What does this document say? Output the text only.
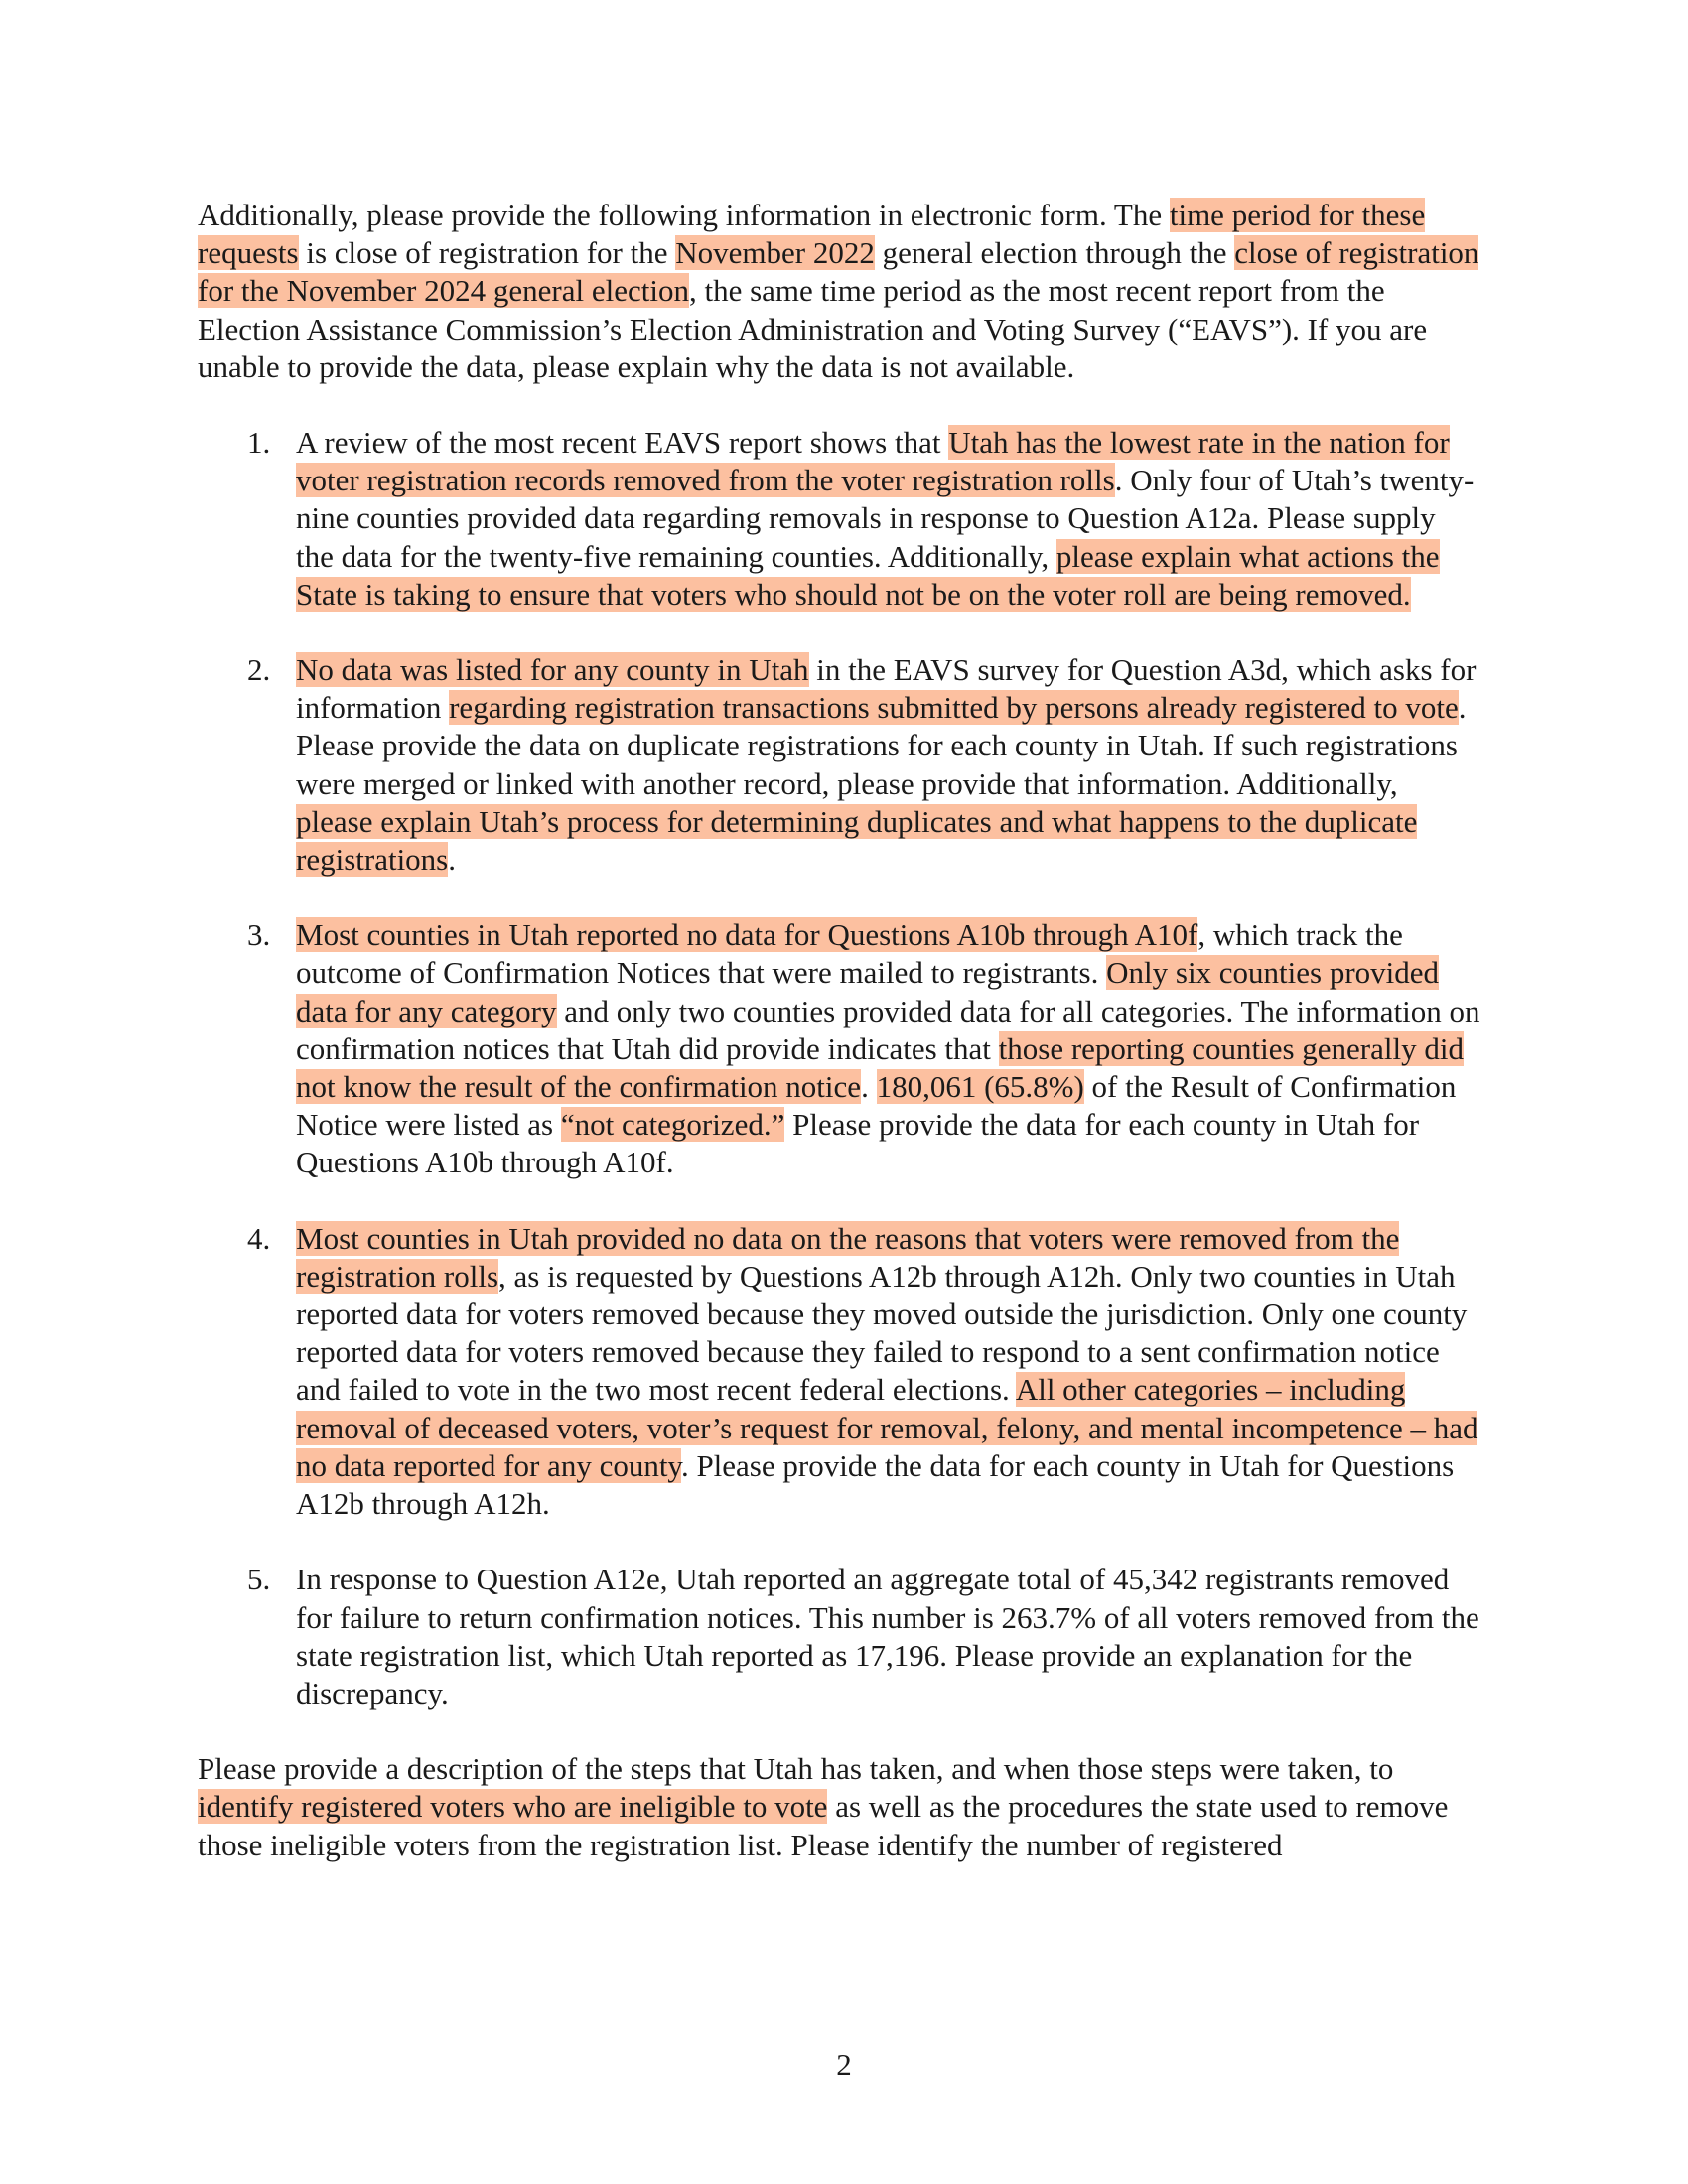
Additionally, please provide the following information in electronic form. The time period for these requests is close of registration for the November 2022 general election through the close of registration for the November 2024 general election, the same time period as the most recent report from the Election Assistance Commission’s Election Administration and Voting Survey (“EAVS”). If you are unable to provide the data, please explain why the data is not available.

1. A review of the most recent EAVS report shows that Utah has the lowest rate in the nation for voter registration records removed from the voter registration rolls. Only four of Utah’s twenty-nine counties provided data regarding removals in response to Question A12a. Please supply the data for the twenty-five remaining counties. Additionally, please explain what actions the State is taking to ensure that voters who should not be on the voter roll are being removed.
2. No data was listed for any county in Utah in the EAVS survey for Question A3d, which asks for information regarding registration transactions submitted by persons already registered to vote. Please provide the data on duplicate registrations for each county in Utah. If such registrations were merged or linked with another record, please provide that information. Additionally, please explain Utah’s process for determining duplicates and what happens to the duplicate registrations.
3. Most counties in Utah reported no data for Questions A10b through A10f, which track the outcome of Confirmation Notices that were mailed to registrants. Only six counties provided data for any category and only two counties provided data for all categories. The information on confirmation notices that Utah did provide indicates that those reporting counties generally did not know the result of the confirmation notice. 180,061 (65.8%) of the Result of Confirmation Notice were listed as “not categorized.” Please provide the data for each county in Utah for Questions A10b through A10f.
4. Most counties in Utah provided no data on the reasons that voters were removed from the registration rolls, as is requested by Questions A12b through A12h. Only two counties in Utah reported data for voters removed because they moved outside the jurisdiction. Only one county reported data for voters removed because they failed to respond to a sent confirmation notice and failed to vote in the two most recent federal elections. All other categories – including removal of deceased voters, voter’s request for removal, felony, and mental incompetence – had no data reported for any county. Please provide the data for each county in Utah for Questions A12b through A12h.
5. In response to Question A12e, Utah reported an aggregate total of 45,342 registrants removed for failure to return confirmation notices. This number is 263.7% of all voters removed from the state registration list, which Utah reported as 17,196. Please provide an explanation for the discrepancy.

Please provide a description of the steps that Utah has taken, and when those steps were taken, to identify registered voters who are ineligible to vote as well as the procedures the state used to remove those ineligible voters from the registration list. Please identify the number of registered

2
